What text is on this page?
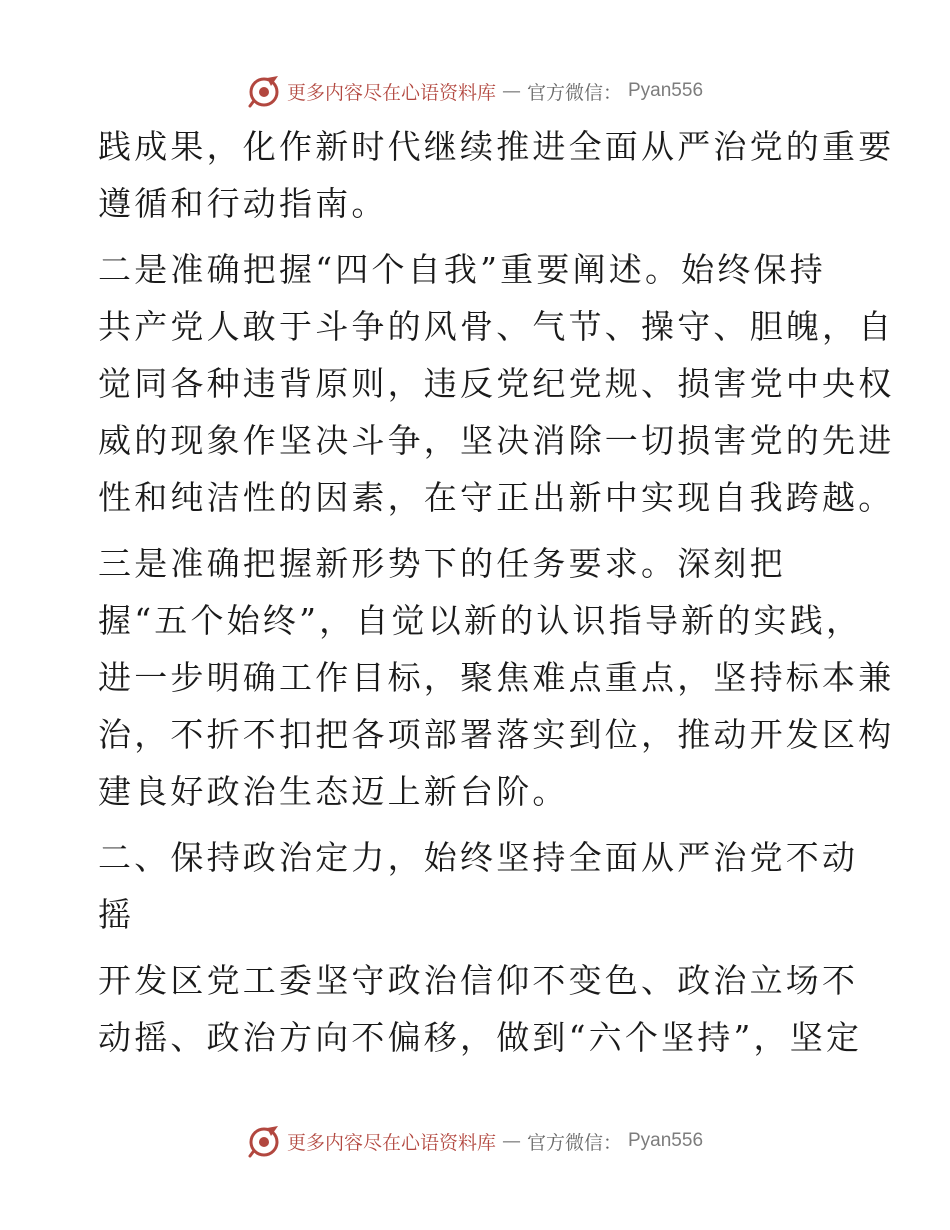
更多内容尽在心语资料库 — 官方微信： Pyan556

践成果，化作新时代继续推进全面从严治党的重要
遵循和行动指南。

二是准确把握“四个自我”重要阐述。始终保持
共产党人敢于斗争的风骨、气节、操守、胆魄，自
觉同各种违背原则，违反党纪党规、损害党中央权
威的现象作坚决斗争，坚决消除一切损害党的先进
性和纯洁性的因素，在守正出新中实现自我跨越。

三是准确把握新形势下的任务要求。深刻把
握“五个始终”，自觉以新的认识指导新的实践，
进一步明确工作目标，聚焦难点重点，坚持标本兼
治，不折不扣把各项部署落实到位，推动开发区构
建良好政治生态迈上新台阶。

二、保持政治定力，始终坚持全面从严治党不动
摇

开发区党工委坚守政治信仰不变色、政治立场不
动摇、政治方向不偏移，做到“六个坚持”，坚定

更多内容尽在心语资料库 — 官方微信： Pyan556
